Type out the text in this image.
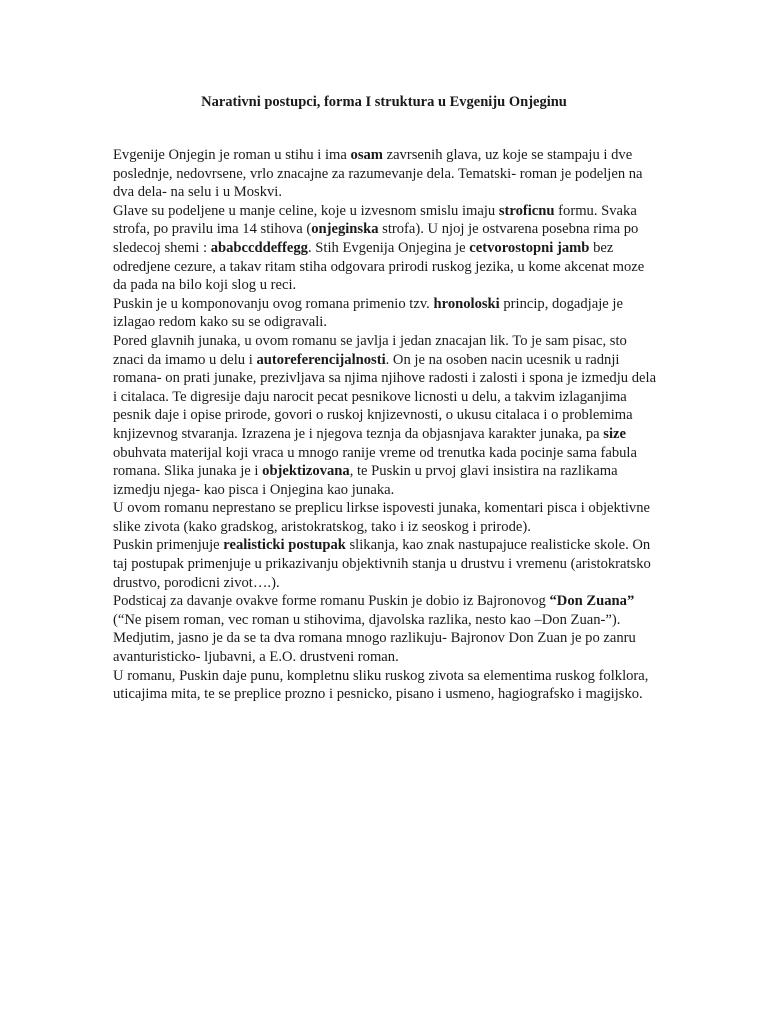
Narativni postupci, forma I struktura u Evgeniju Onjeginu

Evgenije Onjegin je roman u stihu i ima osam zavrsenih glava, uz koje se stampaju i dve poslednje, nedovrsene, vrlo znacajne za razumevanje dela. Tematski- roman je podeljen na dva dela- na selu i u Moskvi.

Glave su podeljene u manje celine, koje u izvesnom smislu imaju stroficnu formu. Svaka strofa, po pravilu ima 14 stihova (onjeginska strofa). U njoj je ostvarena posebna rima po sledecoj shemi : ababccddeffegg. Stih Evgenija Onjegina je cetvorostopni jamb bez odredjene cezure, a takav ritam stiha odgovara prirodi ruskog jezika, u kome akcenat moze da pada na bilo koji slog u reci.

Puskin je u komponovanju ovog romana primenio tzv. hronoloski princip, dogadjaje je izlagao redom kako su se odigravali.

Pored glavnih junaka, u ovom romanu se javlja i jedan znacajan lik. To je sam pisac, sto znaci da imamo u delu i autoreferencijalnosti. On je na osoben nacin ucesnik u radnji romana- on prati junake, prezivljava sa njima njihove radosti i zalosti i spona je izmedju dela i citalaca. Te digresije daju narocit pecat pesnikove licnosti u delu, a takvim izlaganjima pesnik daje i opise prirode, govori o ruskoj knjizevnosti, o ukusu citalaca i o problemima knjizevnog stvaranja. Izrazena je i njegova teznja da objasnjava karakter junaka, pa size obuhvata materijal koji vraca u mnogo ranije vreme od trenutka kada pocinje sama fabula romana. Slika junaka je i objektizovana, te Puskin u prvoj glavi insistira na razlikama izmedju njega- kao pisca i Onjegina kao junaka.

U ovom romanu neprestano se preplicu lirkse ispovesti junaka, komentari pisca i objektivne slike zivota (kako gradskog, aristokratskog, tako i iz seoskog i prirode).

Puskin primenjuje realisticki postupak slikanja, kao znak nastupajuce realisticke skole. On taj postupak primenjuje u prikazivanju objektivnih stanja u drustvu i vremenu (aristokratsko drustvo, porodicni zivot….).

Podsticaj za davanje ovakve forme romanu Puskin je dobio iz Bajronovog “Don Zuana” (“Ne pisem roman, vec roman u stihovima, djavolska razlika, nesto kao –Don Zuan-”). Medjutim, jasno je da se ta dva romana mnogo razlikuju- Bajronov Don Zuan je po zanru avanturisticko- ljubavni, a E.O. drustveni roman.

U romanu, Puskin daje punu, kompletnu sliku ruskog zivota sa elementima ruskog folklora, uticajima mita, te se preplice prozno i pesnicko, pisano i usmeno, hagiografsko i magijsko.
